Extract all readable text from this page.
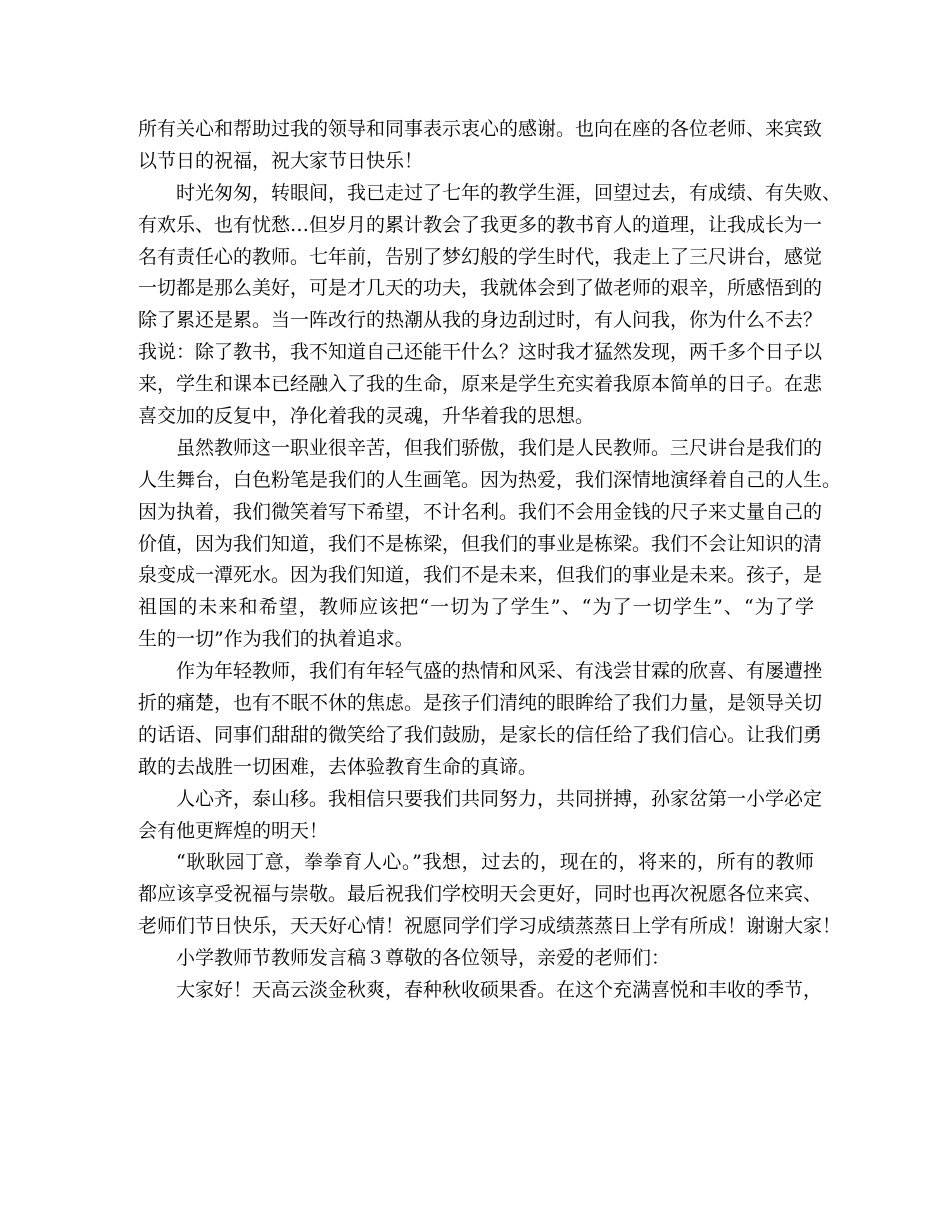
所有关心和帮助过我的领导和同事表示衷心的感谢。也向在座的各位老师、来宾致
以节日的祝福，祝大家节日快乐！
时光匆匆，转眼间，我已走过了七年的教学生涯，回望过去，有成绩、有失败、
有欢乐、也有忧愁…但岁月的累计教会了我更多的教书育人的道理，让我成长为一
名有责任心的教师。七年前，告别了梦幻般的学生时代，我走上了三尺讲台，感觉
一切都是那么美好，可是才几天的功夫，我就体会到了做老师的艰辛，所感悟到的
除了累还是累。当一阵改行的热潮从我的身边刮过时，有人问我，你为什么不去？
我说：除了教书，我不知道自己还能干什么？这时我才猛然发现，两千多个日子以
来，学生和课本已经融入了我的生命，原来是学生充实着我原本简单的日子。在悲
喜交加的反复中，净化着我的灵魂，升华着我的思想。
虽然教师这一职业很辛苦，但我们骄傲，我们是人民教师。三尺讲台是我们的
人生舞台，白色粉笔是我们的人生画笔。因为热爱，我们深情地演绎着自己的人生。
因为执着，我们微笑着写下希望，不计名利。我们不会用金钱的尺子来丈量自己的
价值，因为我们知道，我们不是栋梁，但我们的事业是栋梁。我们不会让知识的清
泉变成一潭死水。因为我们知道，我们不是未来，但我们的事业是未来。孩子，是
祖国的未来和希望，教师应该把“一切为了学生”、“为了一切学生”、“为了学
生的一切”作为我们的执着追求。
作为年轻教师，我们有年轻气盛的热情和风采、有浅尝甘霖的欣喜、有屡遭挫
折的痛楚，也有不眠不休的焦虑。是孩子们清纯的眼眸给了我们力量，是领导关切
的话语、同事们甜甜的微笑给了我们鼓励，是家长的信任给了我们信心。让我们勇
敢的去战胜一切困难，去体验教育生命的真谛。
人心齐，泰山移。我相信只要我们共同努力，共同拼搏，孙家岔第一小学必定
会有他更辉煌的明天！
“耿耿园丁意，拳拳育人心。”我想，过去的，现在的，将来的，所有的教师
都应该享受祝福与崇敬。最后祝我们学校明天会更好，同时也再次祝愿各位来宾、
老师们节日快乐，天天好心情！祝愿同学们学习成绩蒸蒸日上学有所成！谢谢大家！
小学教师节教师发言稿３尊敬的各位领导，亲爱的老师们：
大家好！天高云淡金秋爽，春种秋收硕果香。在这个充满喜悦和丰收的季节，
